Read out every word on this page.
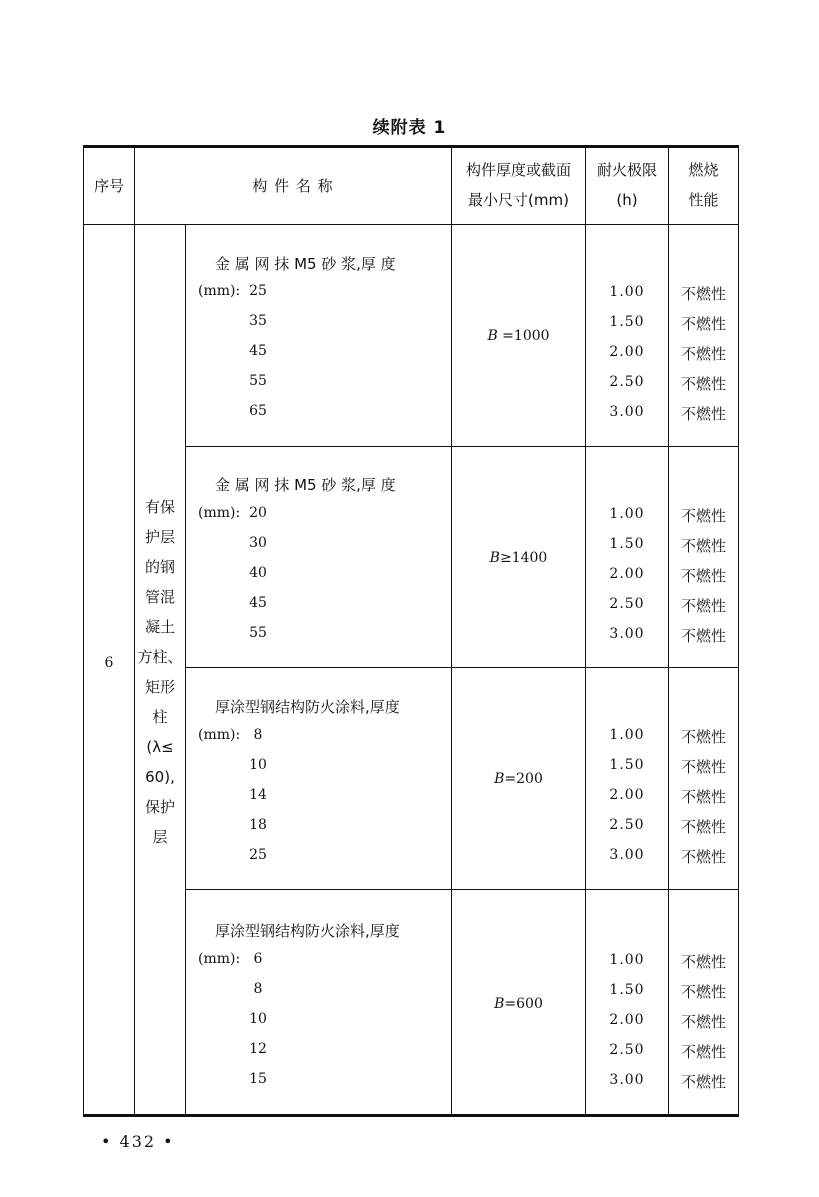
续附表 1
序号	构 件 名 称
构件厚度或截面
最小尺寸(mm)
耐火极限
(h)
燃烧
性能
6
有保
护层
的钢
管混
凝土
方柱、
矩形
柱
(λ≤
60),
保护
层
金 属 网 抹 M5 砂 浆,厚 度
(mm): 25
35
45
55
65
B =1000
1.00
1.50
2.00
2.50
3.00
不燃性
不燃性
不燃性
不燃性
不燃性
金 属 网 抹 M5 砂 浆,厚 度
(mm): 20
30
40
45
55
B≥1400
1.00
1.50
2.00
2.50
3.00
不燃性
不燃性
不燃性
不燃性
不燃性
厚涂型钢结构防火涂料,厚度
(mm): 8
10
14
18
25
B=200
1.00
1.50
2.00
2.50
3.00
不燃性
不燃性
不燃性
不燃性
不燃性
厚涂型钢结构防火涂料,厚度
(mm): 6
8
10
12
15
B=600
1.00
1.50
2.00
2.50
3.00
不燃性
不燃性
不燃性
不燃性
不燃性
• 432 •
